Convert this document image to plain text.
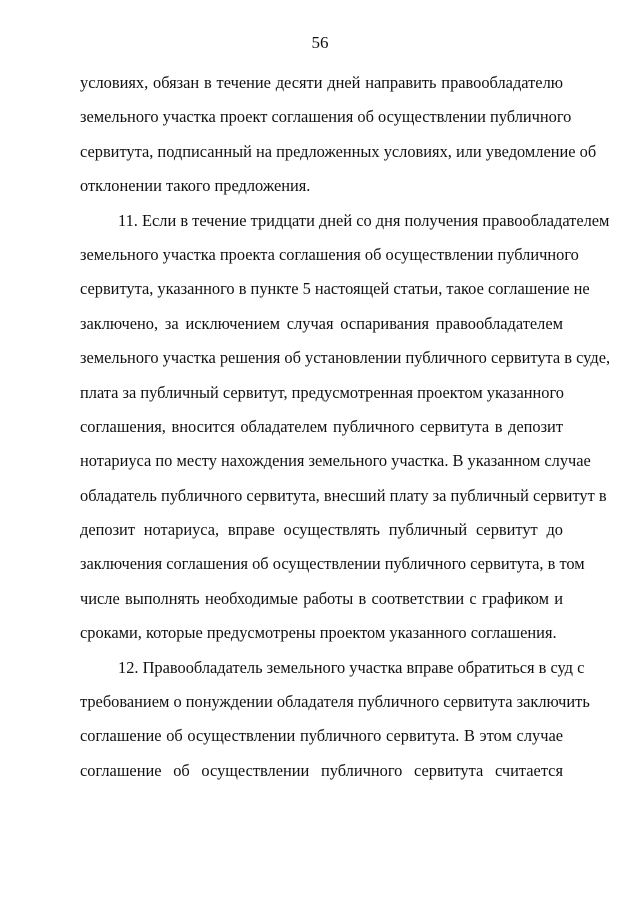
56
условиях, обязан в течение десяти дней направить правообладателю
земельного участка проект соглашения об осуществлении публичного
сервитута, подписанный на предложенных условиях, или уведомление об
отклонении такого предложения.
11. Если в течение тридцати дней со дня получения правообладателем
земельного участка проекта соглашения об осуществлении публичного
сервитута, указанного в пункте 5 настоящей статьи, такое соглашение не
заключено, за исключением случая оспаривания правообладателем
земельного участка решения об установлении публичного сервитута в суде,
плата за публичный сервитут, предусмотренная проектом указанного
соглашения, вносится обладателем публичного сервитута в депозит
нотариуса по месту нахождения земельного участка. В указанном случае
обладатель публичного сервитута, внесший плату за публичный сервитут в
депозит нотариуса, вправе осуществлять публичный сервитут до
заключения соглашения об осуществлении публичного сервитута, в том
числе выполнять необходимые работы в соответствии с графиком и
сроками, которые предусмотрены проектом указанного соглашения.
12. Правообладатель земельного участка вправе обратиться в суд с
требованием о понуждении обладателя публичного сервитута заключить
соглашение об осуществлении публичного сервитута. В этом случае
соглашение об осуществлении публичного сервитута считается
